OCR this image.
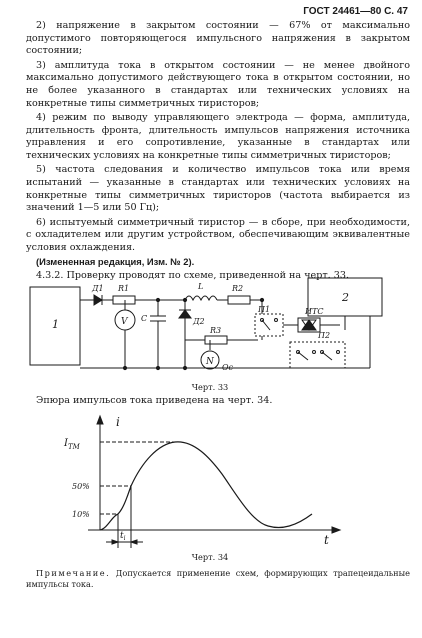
ГОСТ 24461—80 С. 47

2) напряжение в закрытом состоянии — 67% от максимально допустимого повторяющегося импульсного напряжения в закрытом состоянии;

3) амплитуда тока в открытом состоянии — не менее двойного максимально допустимого действующего тока в открытом состоянии, но не более указанного в стандартах или технических условиях на конкретные типы симметричных тиристоров;

4) режим по выводу управляющего электрода — форма, амплитуда, длительность фронта, длительность импульсов напряжения источника управления и его сопротивление, указанные в стандартах или технических условиях на конкретные типы симметричных тиристоров;

5) частота следования и количество импульсов тока или время испытаний — указанные в стандартах или технических условиях на конкретные типы симметричных тиристоров (частота выбирается из значений 1—5 или 50 Гц);

6) испытуемый симметричный тиристор — в сборе, при необходимости, с охладителем или другим устройством, обеспечивающим эквивалентные условия охлаждения.

(Измененная редакция, Изм. № 2).

4.3.2. Проверку проводят по схеме, приведенной на черт. 33.

1
Д1 R1	L	R2
V C	Д2
R3
N
Ос
П1	ИТС
2
П2
Черт. 33
Эпюра импульсов тока приведена на черт. 34.
i
t
$I_{TM}$
50%
10%
$t_i$
Черт. 34
Примечание. Допускается применение схем, формирующих трапецеидальные импульсы тока.
